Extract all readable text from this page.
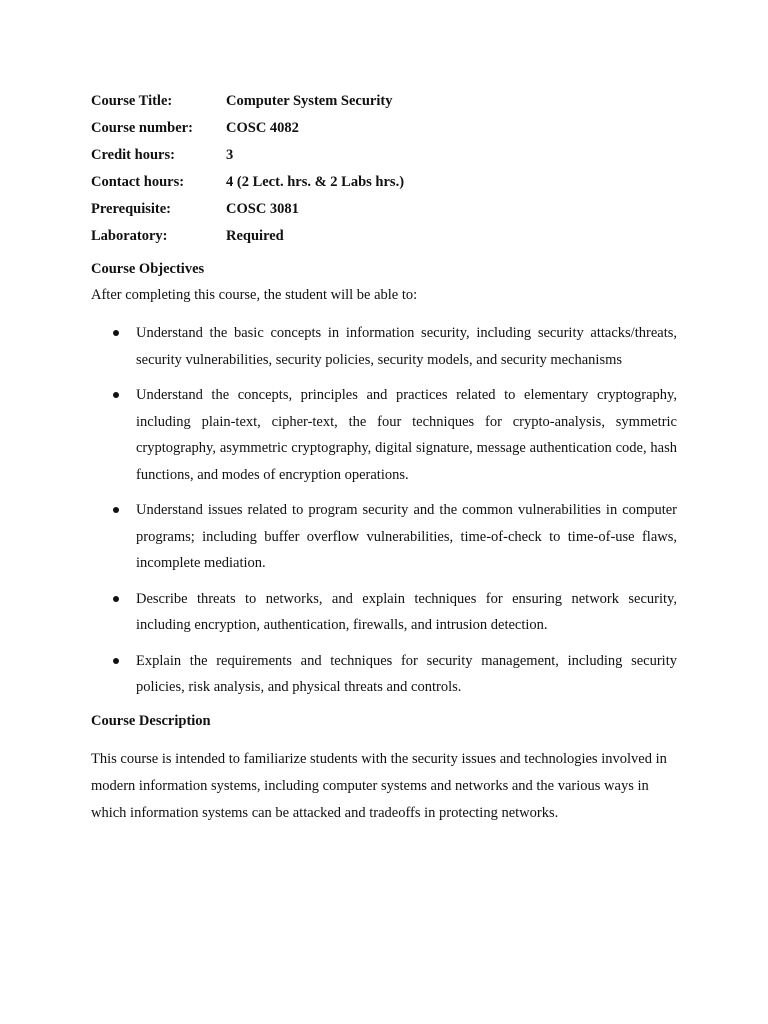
Course Title:	Computer System Security
Course number:	COSC 4082
Credit hours:	3
Contact hours:	4 (2 Lect. hrs. & 2 Labs hrs.)
Prerequisite:	COSC 3081
Laboratory:	Required
Course Objectives

After completing this course, the student will be able to:

Understand the basic concepts in information security, including security attacks/threats, security vulnerabilities, security policies, security models, and security mechanisms
Understand the concepts, principles and practices related to elementary cryptography, including plain-text, cipher-text, the four techniques for crypto-analysis, symmetric cryptography, asymmetric cryptography, digital signature, message authentication code, hash functions, and modes of encryption operations.
Understand issues related to program security and the common vulnerabilities in computer programs; including buffer overflow vulnerabilities, time-of-check to time-of-use flaws, incomplete mediation.
Describe threats to networks, and explain techniques for ensuring network security, including encryption, authentication, firewalls, and intrusion detection.
Explain the requirements and techniques for security management, including security policies, risk analysis, and physical threats and controls.
Course Description

This course is intended to familiarize students with the security issues and technologies involved in modern information systems, including computer systems and networks and the various ways in which information systems can be attacked and tradeoffs in protecting networks.
